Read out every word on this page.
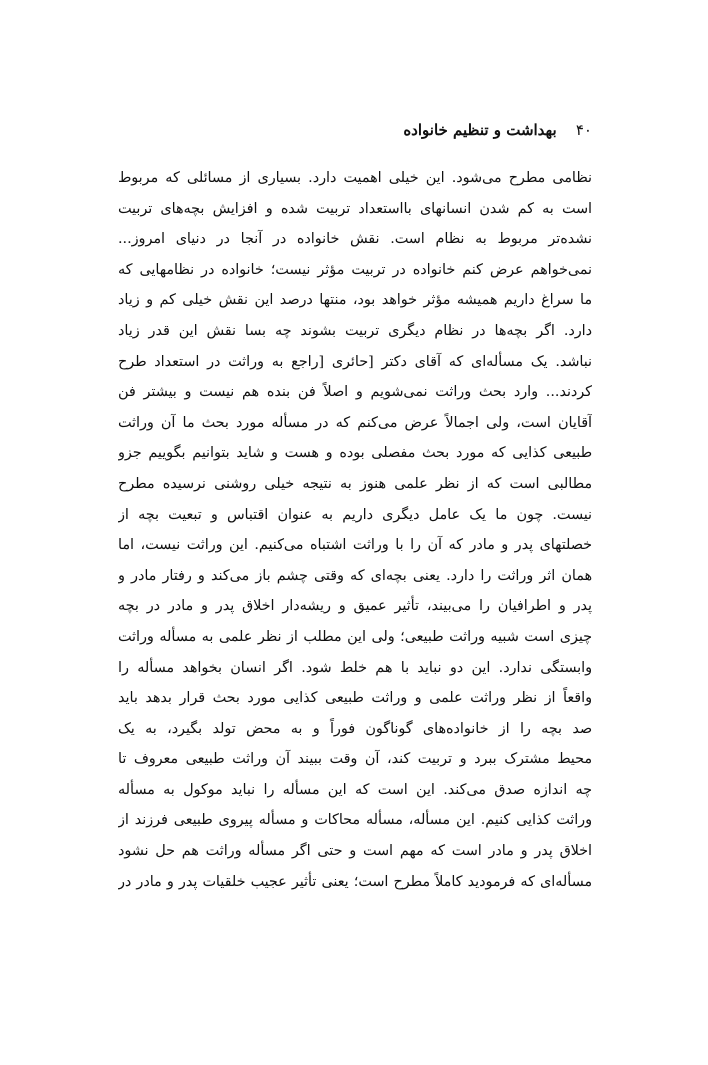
۴۰ بهداشت و تنظیم خانواده
نظامی مطرح می‌شود. این خیلی اهمیت دارد. بسیاری از مسائلی که مربوط
است به کم شدن انسانهای بااستعداد تربیت شده و افزایش بچه‌های تربیت
نشده‌تر مربوط به نظام است. نقش خانواده در آنجا در دنیای امروز...
نمی‌خواهم عرض کنم خانواده در تربیت مؤثر نیست؛ خانواده در نظامهایی که
ما سراغ داریم همیشه مؤثر خواهد بود، منتها درصد این نقش خیلی کم و زیاد
دارد. اگر بچه‌ها در نظام دیگری تربیت بشوند چه بسا نقش این قدر زیاد
نباشد. یک مسأله‌ای که آقای دکتر [حائری [راجع به وراثت در استعداد طرح
کردند... وارد بحث وراثت نمی‌شویم و اصلاً فن بنده هم نیست و بیشتر فن
آقایان است، ولی اجمالاً عرض می‌کنم که در مسأله مورد بحث ما آن وراثت
طبیعی کذایی که مورد بحث مفصلی بوده و هست و شاید بتوانیم بگوییم جزو
مطالبی است که از نظر علمی هنوز به نتیجه خیلی روشنی نرسیده مطرح
نیست. چون ما یک عامل دیگری داریم به عنوان اقتباس و تبعیت بچه از
خصلتهای پدر و مادر که آن را با وراثت اشتباه می‌کنیم. این وراثت نیست، اما
همان اثر وراثت را دارد. یعنی بچه‌ای که وقتی چشم باز می‌کند و رفتار مادر و
پدر و اطرافیان را می‌بیند، تأثیر عمیق و ریشه‌دار اخلاق پدر و مادر در بچه
چیزی است شبیه وراثت طبیعی؛ ولی این مطلب از نظر علمی به مسأله وراثت
وابستگی ندارد. این دو نباید با هم خلط شود. اگر انسان بخواهد مسأله را
واقعاً از نظر وراثت علمی و وراثت طبیعی کذایی مورد بحث قرار بدهد باید
صد بچه را از خانواده‌های گوناگون فوراً و به محض تولد بگیرد، به یک
محیط مشترک ببرد و تربیت کند، آن وقت ببیند آن وراثت طبیعی معروف تا
چه اندازه صدق می‌کند. این است که این مسأله را نباید موکول به مسأله
وراثت کذایی کنیم. این مسأله، مسأله محاکات و مسأله پیروی طبیعی فرزند از
اخلاق پدر و مادر است که مهم است و حتی اگر مسأله وراثت هم حل نشود
مسأله‌ای که فرمودید کاملاً مطرح است؛ یعنی تأثیر عجیب خلقیات پدر و مادر در
